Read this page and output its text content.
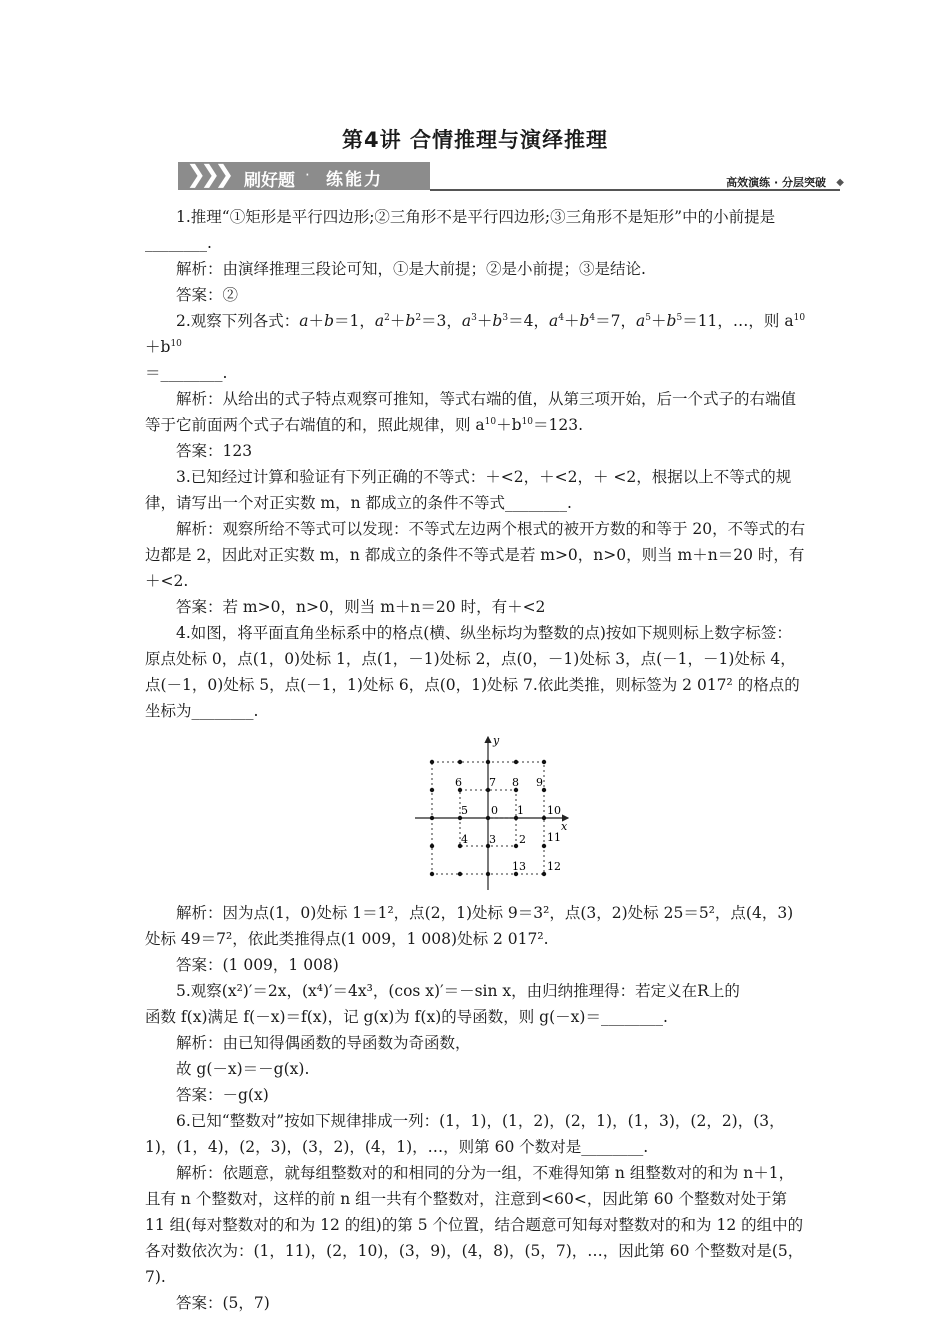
第4讲 合情推理与演绎推理
❯❯❯ 刷好题 · 练能力	高效演练 · 分层突破 ◆

1.推理“①矩形是平行四边形;②三角形不是平行四边形;③三角形不是矩形”中的小前提是________.

解析：由演绎推理三段论可知，①是大前提；②是小前提；③是结论.

答案：②

2.观察下列各式：a＋b＝1，$a^2+b^2=3$，$a^3+b^3=4$，$a^4+b^4=7$，$a^5+b^5=11$，…，则 $a^{10}+b^{10}$
＝________.

解析：从给出的式子特点观察可推知，等式右端的值，从第三项开始，后一个式子的右端值等于它前面两个式子右端值的和，照此规律，则 $a^{10}+b^{10}=123$.

答案：123

3.已知经过计算和验证有下列正确的不等式：＋<2，＋<2，＋ <2，根据以上不等式的规律，请写出一个对正实数 m，n 都成立的条件不等式________.

解析：观察所给不等式可以发现：不等式左边两个根式的被开方数的和等于 20，不等式的右边都是 2，因此对正实数 m，n 都成立的条件不等式是若 m>0，n>0，则当 m＋n＝20 时，有＋<2.

答案：若 m>0，n>0，则当 m＋n＝20 时，有＋<2

4.如图，将平面直角坐标系中的格点(横、纵坐标均为整数的点)按如下规则标上数字标签：原点处标 0，点(1，0)处标 1，点(1，－1)处标 2，点(0，－1)处标 3，点(－1，－1)处标 4，点(－1，0)处标 5，点(－1，1)处标 6，点(0，1)处标 7.依此类推，则标签为 2 017² 的格点的坐标为________.

y
x
6 7 8 9
5 0 1 10
4 3 2 11
13 12

解析：因为点(1，0)处标 1＝1²，点(2，1)处标 9＝3²，点(3，2)处标 25＝5²，点(4，3)处标 49＝7²，依此类推得点(1 009，1 008)处标 2 017².

答案：(1 009，1 008)

5.观察(x²)′＝2x，(x⁴)′＝4x³，(cos x)′＝－sin x，由归纳推理得：若定义在R上的

函数 f(x)满足 f(－x)＝f(x)，记 g(x)为 f(x)的导函数，则 g(－x)＝________.

解析：由已知得偶函数的导函数为奇函数，

故 g(－x)＝－g(x).

答案：－g(x)

6.已知“整数对”按如下规律排成一列：(1，1)，(1，2)，(2，1)，(1，3)，(2，2)，(3，1)，(1，4)，(2，3)，(3，2)，(4，1)，…，则第 60 个数对是________.

解析：依题意，就每组整数对的和相同的分为一组，不难得知第 n 组整数对的和为 n＋1，且有 n 个整数对，这样的前 n 组一共有个整数对，注意到<60<，因此第 60 个整数对处于第 11 组(每对整数对的和为 12 的组)的第 5 个位置，结合题意可知每对整数对的和为 12 的组中的各对数依次为：(1，11)，(2，10)，(3，9)，(4，8)，(5，7)，…，因此第 60 个整数对是(5，7).

答案：(5，7)
